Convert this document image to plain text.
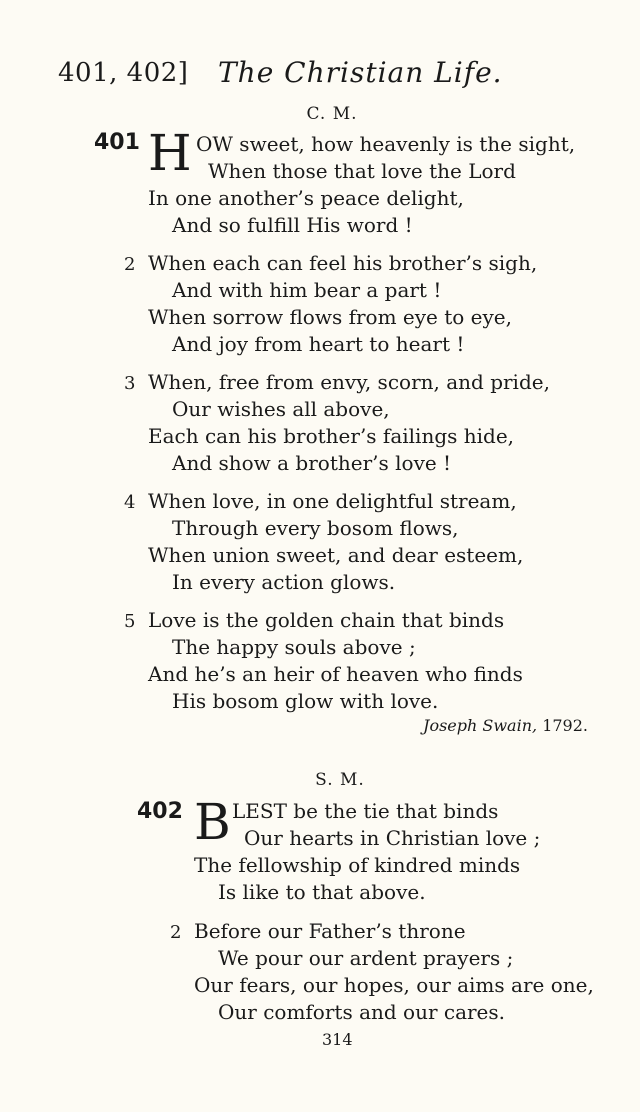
401, 402] The Christian Life.
C. M.
401 H OW sweet, how heavenly is the sight,
When those that love the Lord
In one another’s peace delight,
And so fulfill His word !
2 When each can feel his brother’s sigh,
And with him bear a part !
When sorrow flows from eye to eye,
And joy from heart to heart !
3 When, free from envy, scorn, and pride,
Our wishes all above,
Each can his brother’s failings hide,
And show a brother’s love !
4 When love, in one delightful stream,
Through every bosom flows,
When union sweet, and dear esteem,
In every action glows.
5 Love is the golden chain that binds
The happy souls above ;
And he’s an heir of heaven who finds
His bosom glow with love.
Joseph Swain, 1792.
S. M.
402 B LEST be the tie that binds
Our hearts in Christian love ;
The fellowship of kindred minds
Is like to that above.
2 Before our Father’s throne
We pour our ardent prayers ;
Our fears, our hopes, our aims are one,
Our comforts and our cares.
314
